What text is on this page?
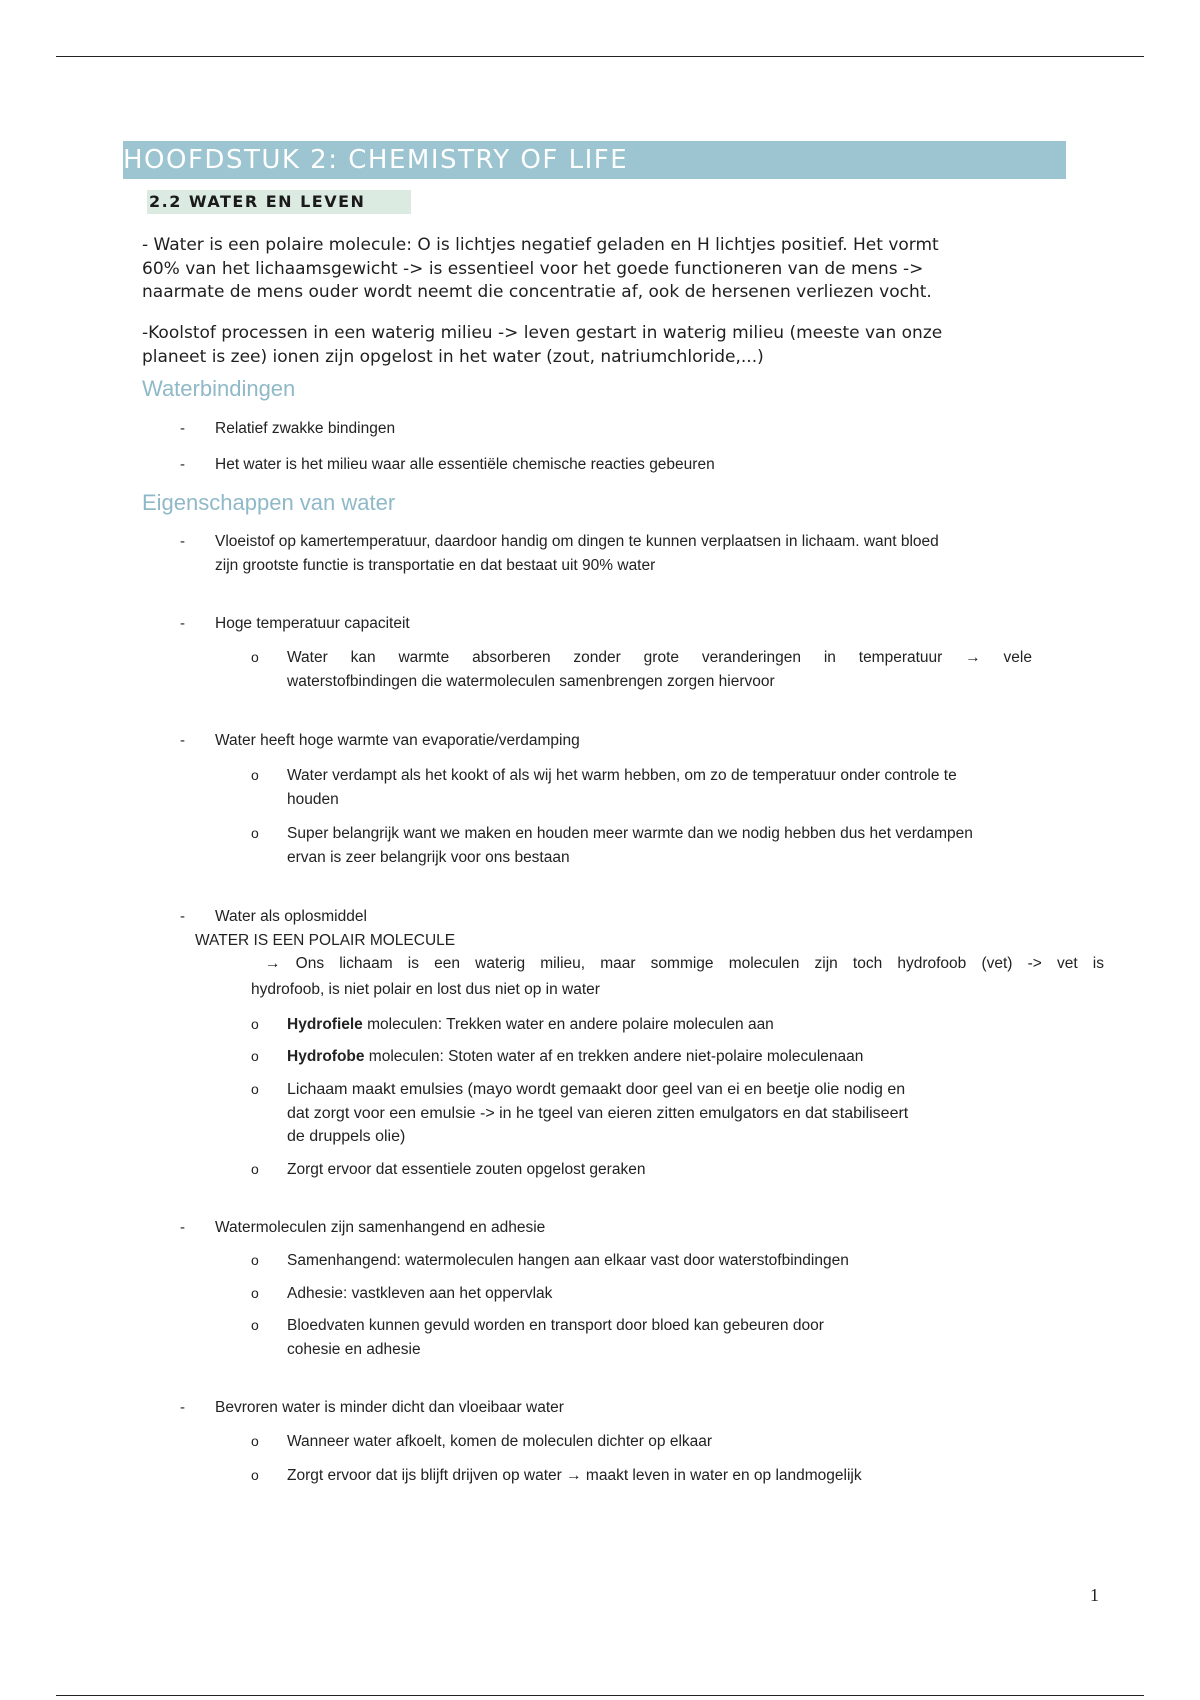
HOOFDSTUK 2: CHEMISTRY OF LIFE
2.2 WATER EN LEVEN
- Water is een polaire molecule: O is lichtjes negatief geladen en H lichtjes positief. Het vormt
60% van het lichaamsgewicht -> is essentieel voor het goede functioneren van de mens ->
naarmate de mens ouder wordt neemt die concentratie af, ook de hersenen verliezen vocht.
-Koolstof processen in een waterig milieu -> leven gestart in waterig milieu (meeste van onze
planeet is zee) ionen zijn opgelost in het water (zout, natriumchloride,...)
Waterbindingen
- Relatief zwakke bindingen
- Het water is het milieu waar alle essentiële chemische reacties gebeuren
Eigenschappen van water
- Vloeistof op kamertemperatuur, daardoor handig om dingen te kunnen verplaatsen in lichaam. want bloed
zijn grootste functie is transportatie en dat bestaat uit 90% water
- Hoge temperatuur capaciteit
o Water kan warmte absorberen zonder grote veranderingen in temperatuur → vele
waterstofbindingen die watermoleculen samenbrengen zorgen hiervoor
- Water heeft hoge warmte van evaporatie/verdamping
o Water verdampt als het kookt of als wij het warm hebben, om zo de temperatuur onder controle te
houden
o Super belangrijk want we maken en houden meer warmte dan we nodig hebben dus het verdampen
ervan is zeer belangrijk voor ons bestaan
- Water als oplosmiddel
WATER IS EEN POLAIR MOLECULE
→ Ons lichaam is een waterig milieu, maar sommige moleculen zijn toch hydrofoob (vet) -> vet is
hydrofoob, is niet polair en lost dus niet op in water
o Hydrofiele moleculen: Trekken water en andere polaire moleculen aan
o Hydrofobe moleculen: Stoten water af en trekken andere niet-polaire moleculenaan
o Lichaam maakt emulsies (mayo wordt gemaakt door geel van ei en beetje olie nodig en
dat zorgt voor een emulsie -> in he tgeel van eieren zitten emulgators en dat stabiliseert
de druppels olie)
o Zorgt ervoor dat essentiele zouten opgelost geraken
- Watermoleculen zijn samenhangend en adhesie
o Samenhangend: watermoleculen hangen aan elkaar vast door waterstofbindingen
o Adhesie: vastkleven aan het oppervlak
o Bloedvaten kunnen gevuld worden en transport door bloed kan gebeuren door
cohesie en adhesie
- Bevroren water is minder dicht dan vloeibaar water
o Wanneer water afkoelt, komen de moleculen dichter op elkaar
o Zorgt ervoor dat ijs blijft drijven op water → maakt leven in water en op landmogelijk
1
